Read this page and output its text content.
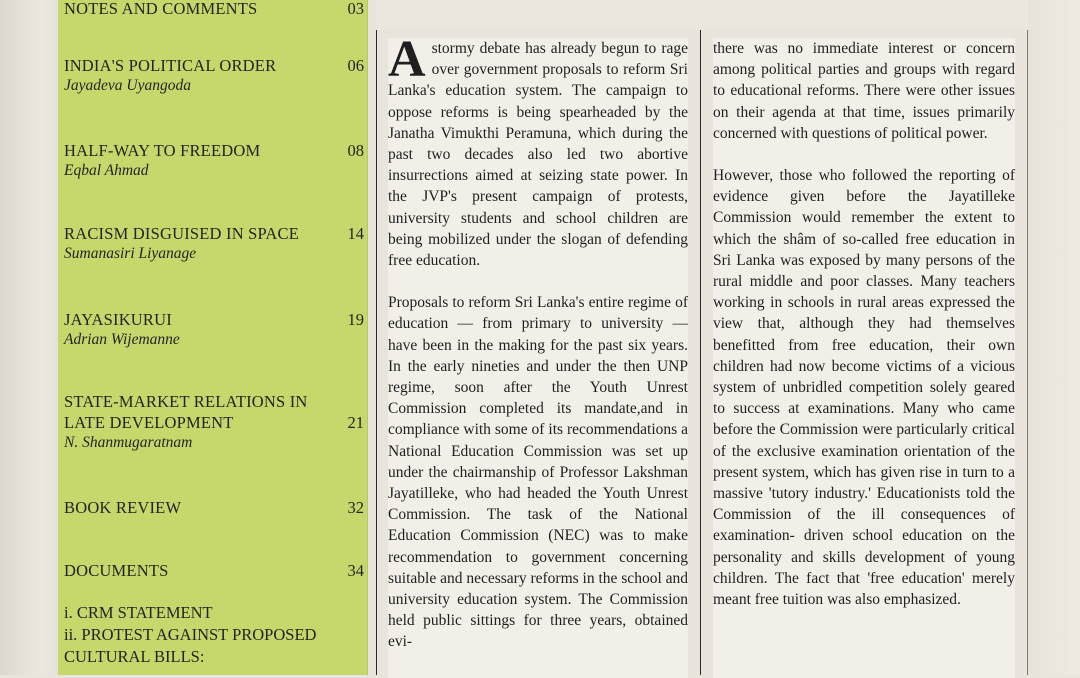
NOTES AND COMMENTS	03
INDIA'S POLITICAL ORDER	06
Jayadeva Uyangoda
HALF-WAY TO FREEDOM	08
Eqbal Ahmad
RACISM DISGUISED IN SPACE	14
Sumanasiri Liyanage
JAYASIKURUI	19
Adrian Wijemanne
STATE-MARKET RELATIONS IN
LATE DEVELOPMENT	21
N. Shanmugaratnam
BOOK REVIEW	32
DOCUMENTS	34
i. CRM STATEMENT
ii. PROTEST AGAINST PROPOSED
CULTURAL BILLS:

Astormy debate has already begun to rage over government proposals to reform Sri Lanka's education system. The campaign to oppose reforms is being spearheaded by the Janatha Vimukthi Peramuna, which during the past two decades also led two abortive insurrections aimed at seizing state power. In the JVP's present campaign of protests, university students and school children are being mobilized under the slogan of defending free education.

Proposals to reform Sri Lanka's entire regime of education — from primary to university — have been in the making for the past six years. In the early nineties and under the then UNP regime, soon after the Youth Unrest Commission completed its mandate,and in compliance with some of its recommendations a National Education Commission was set up under the chairmanship of Professor Lakshman Jayatilleke, who had headed the Youth Unrest Commission. The task of the National Education Commission (NEC) was to make recommendation to government concerning suitable and necessary reforms in the school and university education system. The Commission held public sittings for three years, obtained evi-

there was no immediate interest or concern among political parties and groups with regard to educational reforms. There were other issues on their agenda at that time, issues primarily concerned with questions of political power.

However, those who followed the reporting of evidence given before the Jayatilleke Commission would remember the extent to which the shâm of so-called free education in Sri Lanka was exposed by many persons of the rural middle and poor classes. Many teachers working in schools in rural areas expressed the view that, although they had themselves benefitted from free education, their own children had now become victims of a vicious system of unbridled competition solely geared to success at examinations. Many who came before the Commission were particularly critical of the exclusive examination orientation of the present system, which has given rise in turn to a massive 'tutory industry.' Educationists told the Commission of the ill consequences of examination- driven school education on the personality and skills development of young children. The fact that 'free education' merely meant free tuition was also emphasized.
